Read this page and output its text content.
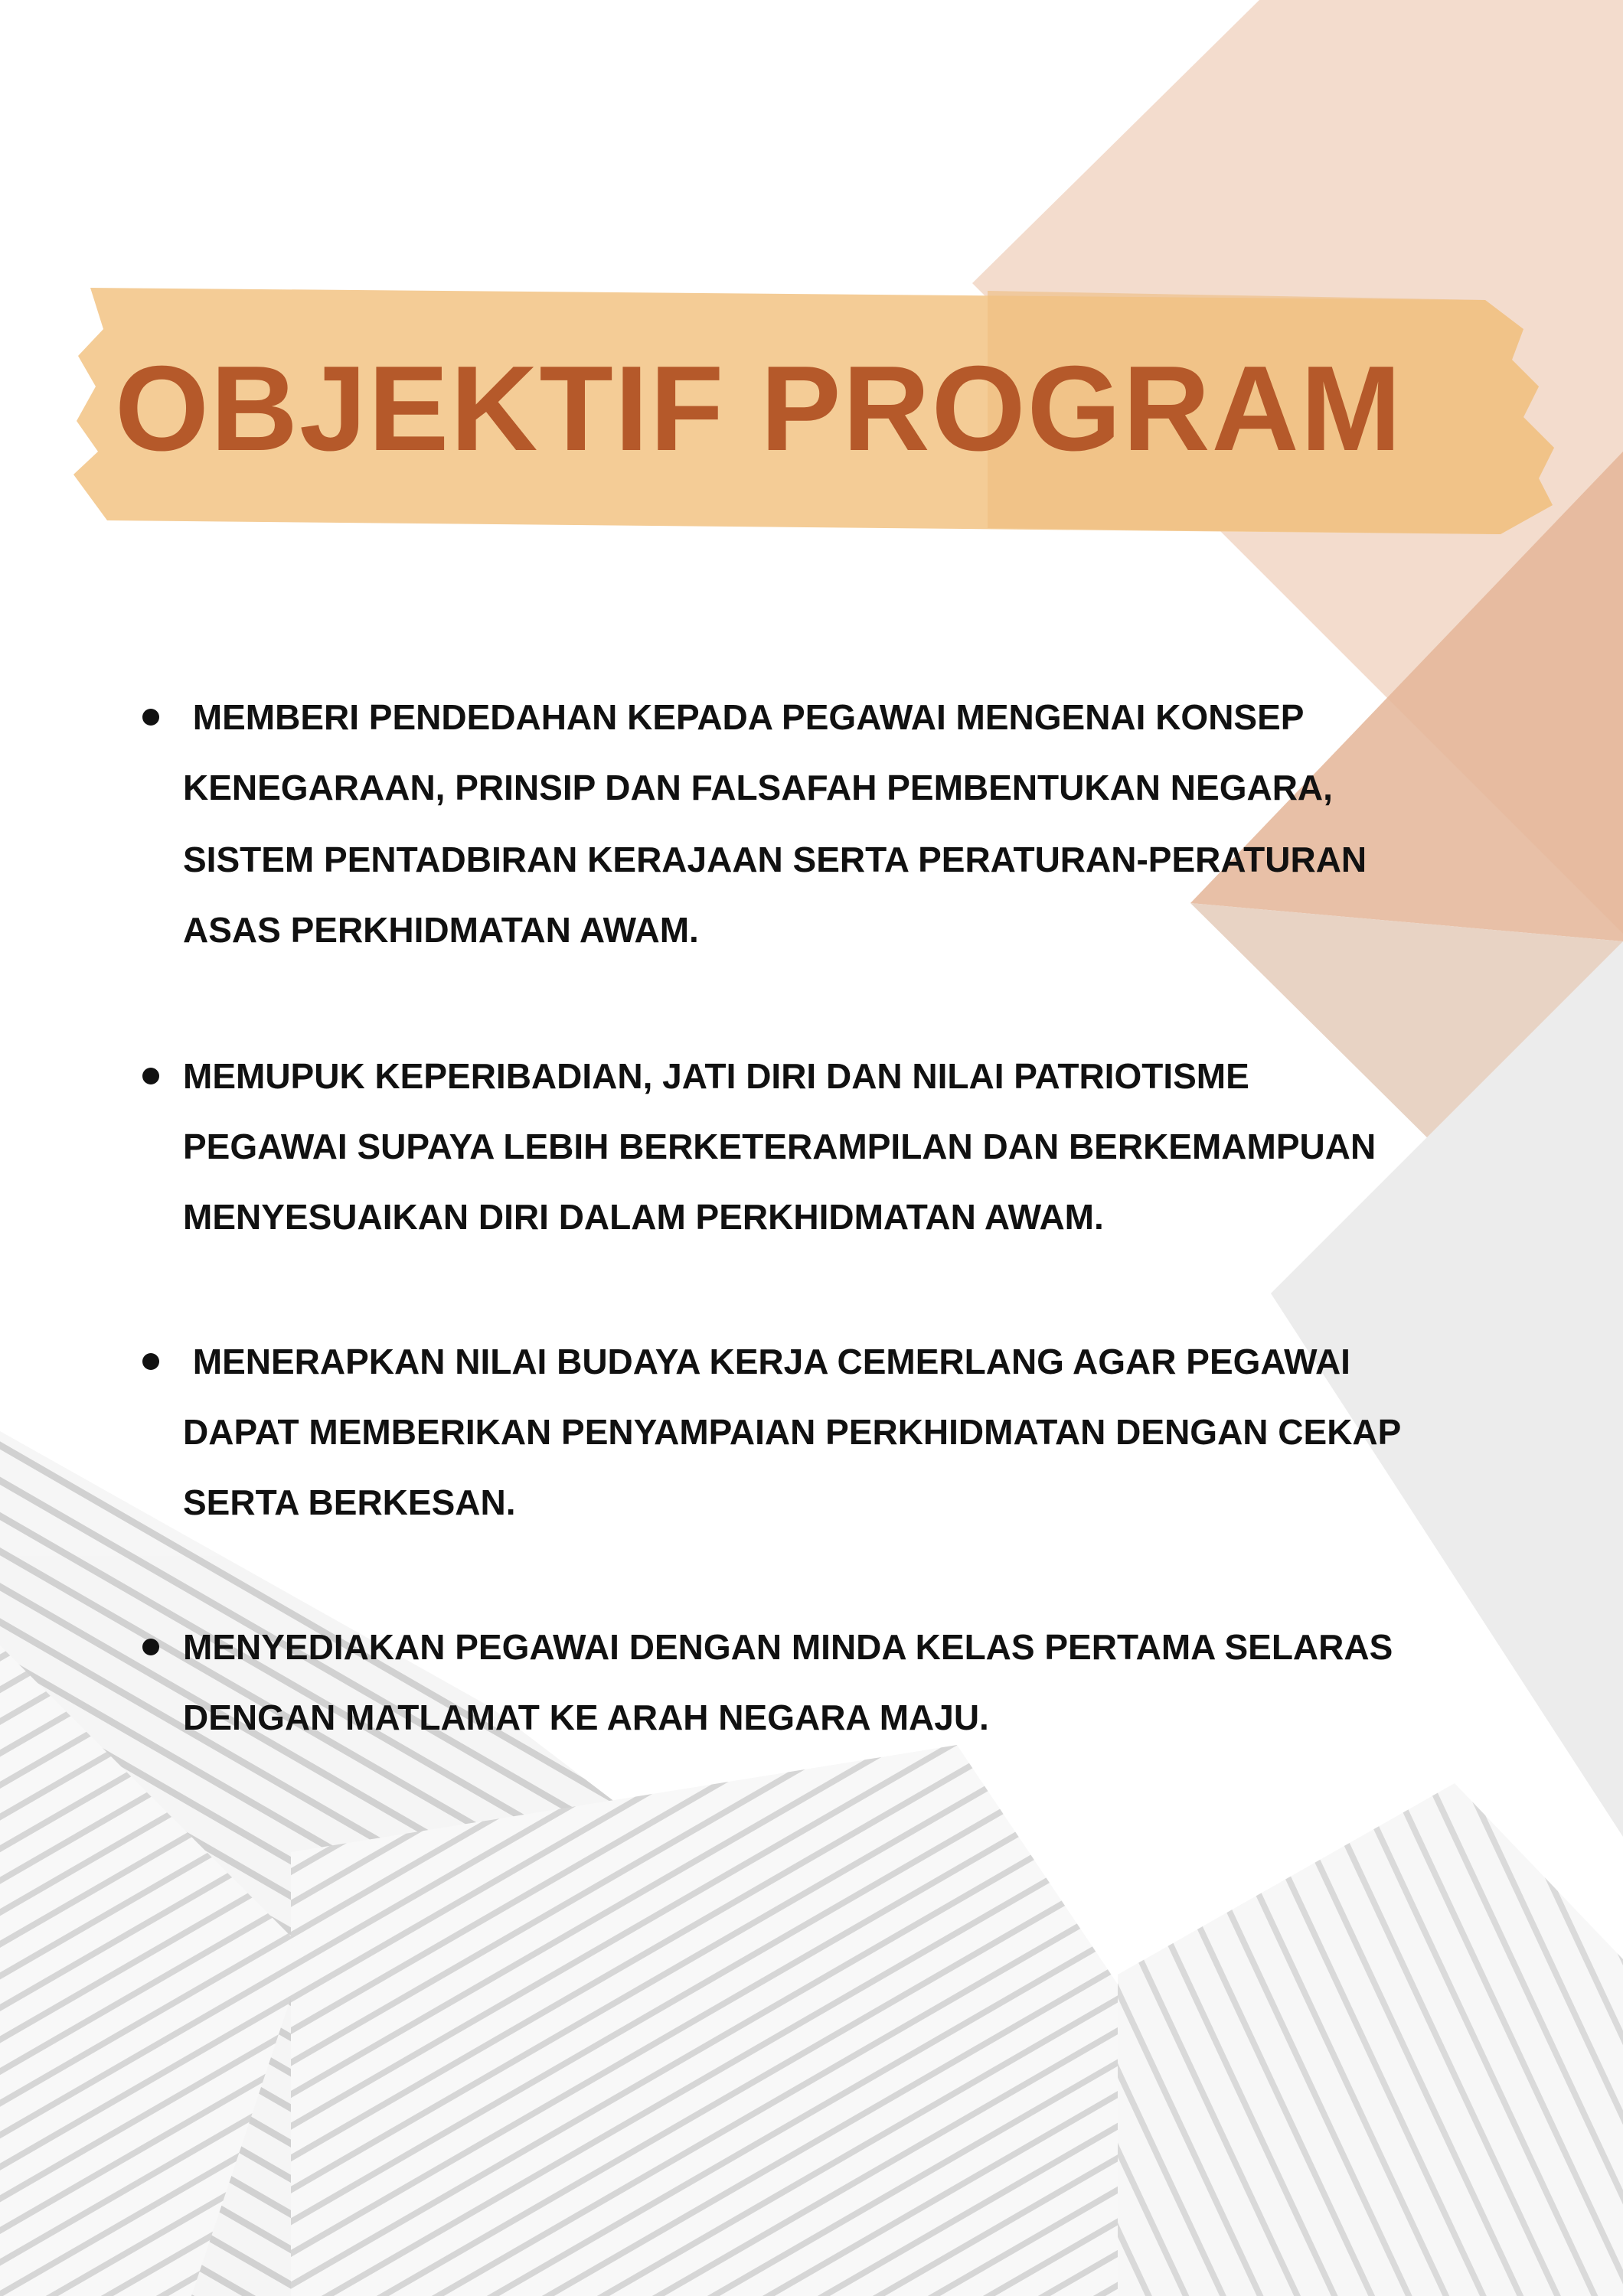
OBJEKTIF PROGRAM
MEMBERI PENDEDAHAN KEPADA PEGAWAI MENGENAI KONSEP
KENEGARAAN, PRINSIP DAN FALSAFAH PEMBENTUKAN NEGARA,
SISTEM PENTADBIRAN KERAJAAN SERTA PERATURAN-PERATURAN
ASAS PERKHIDMATAN AWAM.
MEMUPUK KEPERIBADIAN, JATI DIRI DAN NILAI PATRIOTISME
PEGAWAI SUPAYA LEBIH BERKETERAMPILAN DAN BERKEMAMPUAN
MENYESUAIKAN DIRI DALAM PERKHIDMATAN AWAM.
MENERAPKAN NILAI BUDAYA KERJA CEMERLANG AGAR PEGAWAI
DAPAT MEMBERIKAN PENYAMPAIAN PERKHIDMATAN DENGAN CEKAP
SERTA BERKESAN.
MENYEDIAKAN PEGAWAI DENGAN MINDA KELAS PERTAMA SELARAS
DENGAN MATLAMAT KE ARAH NEGARA MAJU.
